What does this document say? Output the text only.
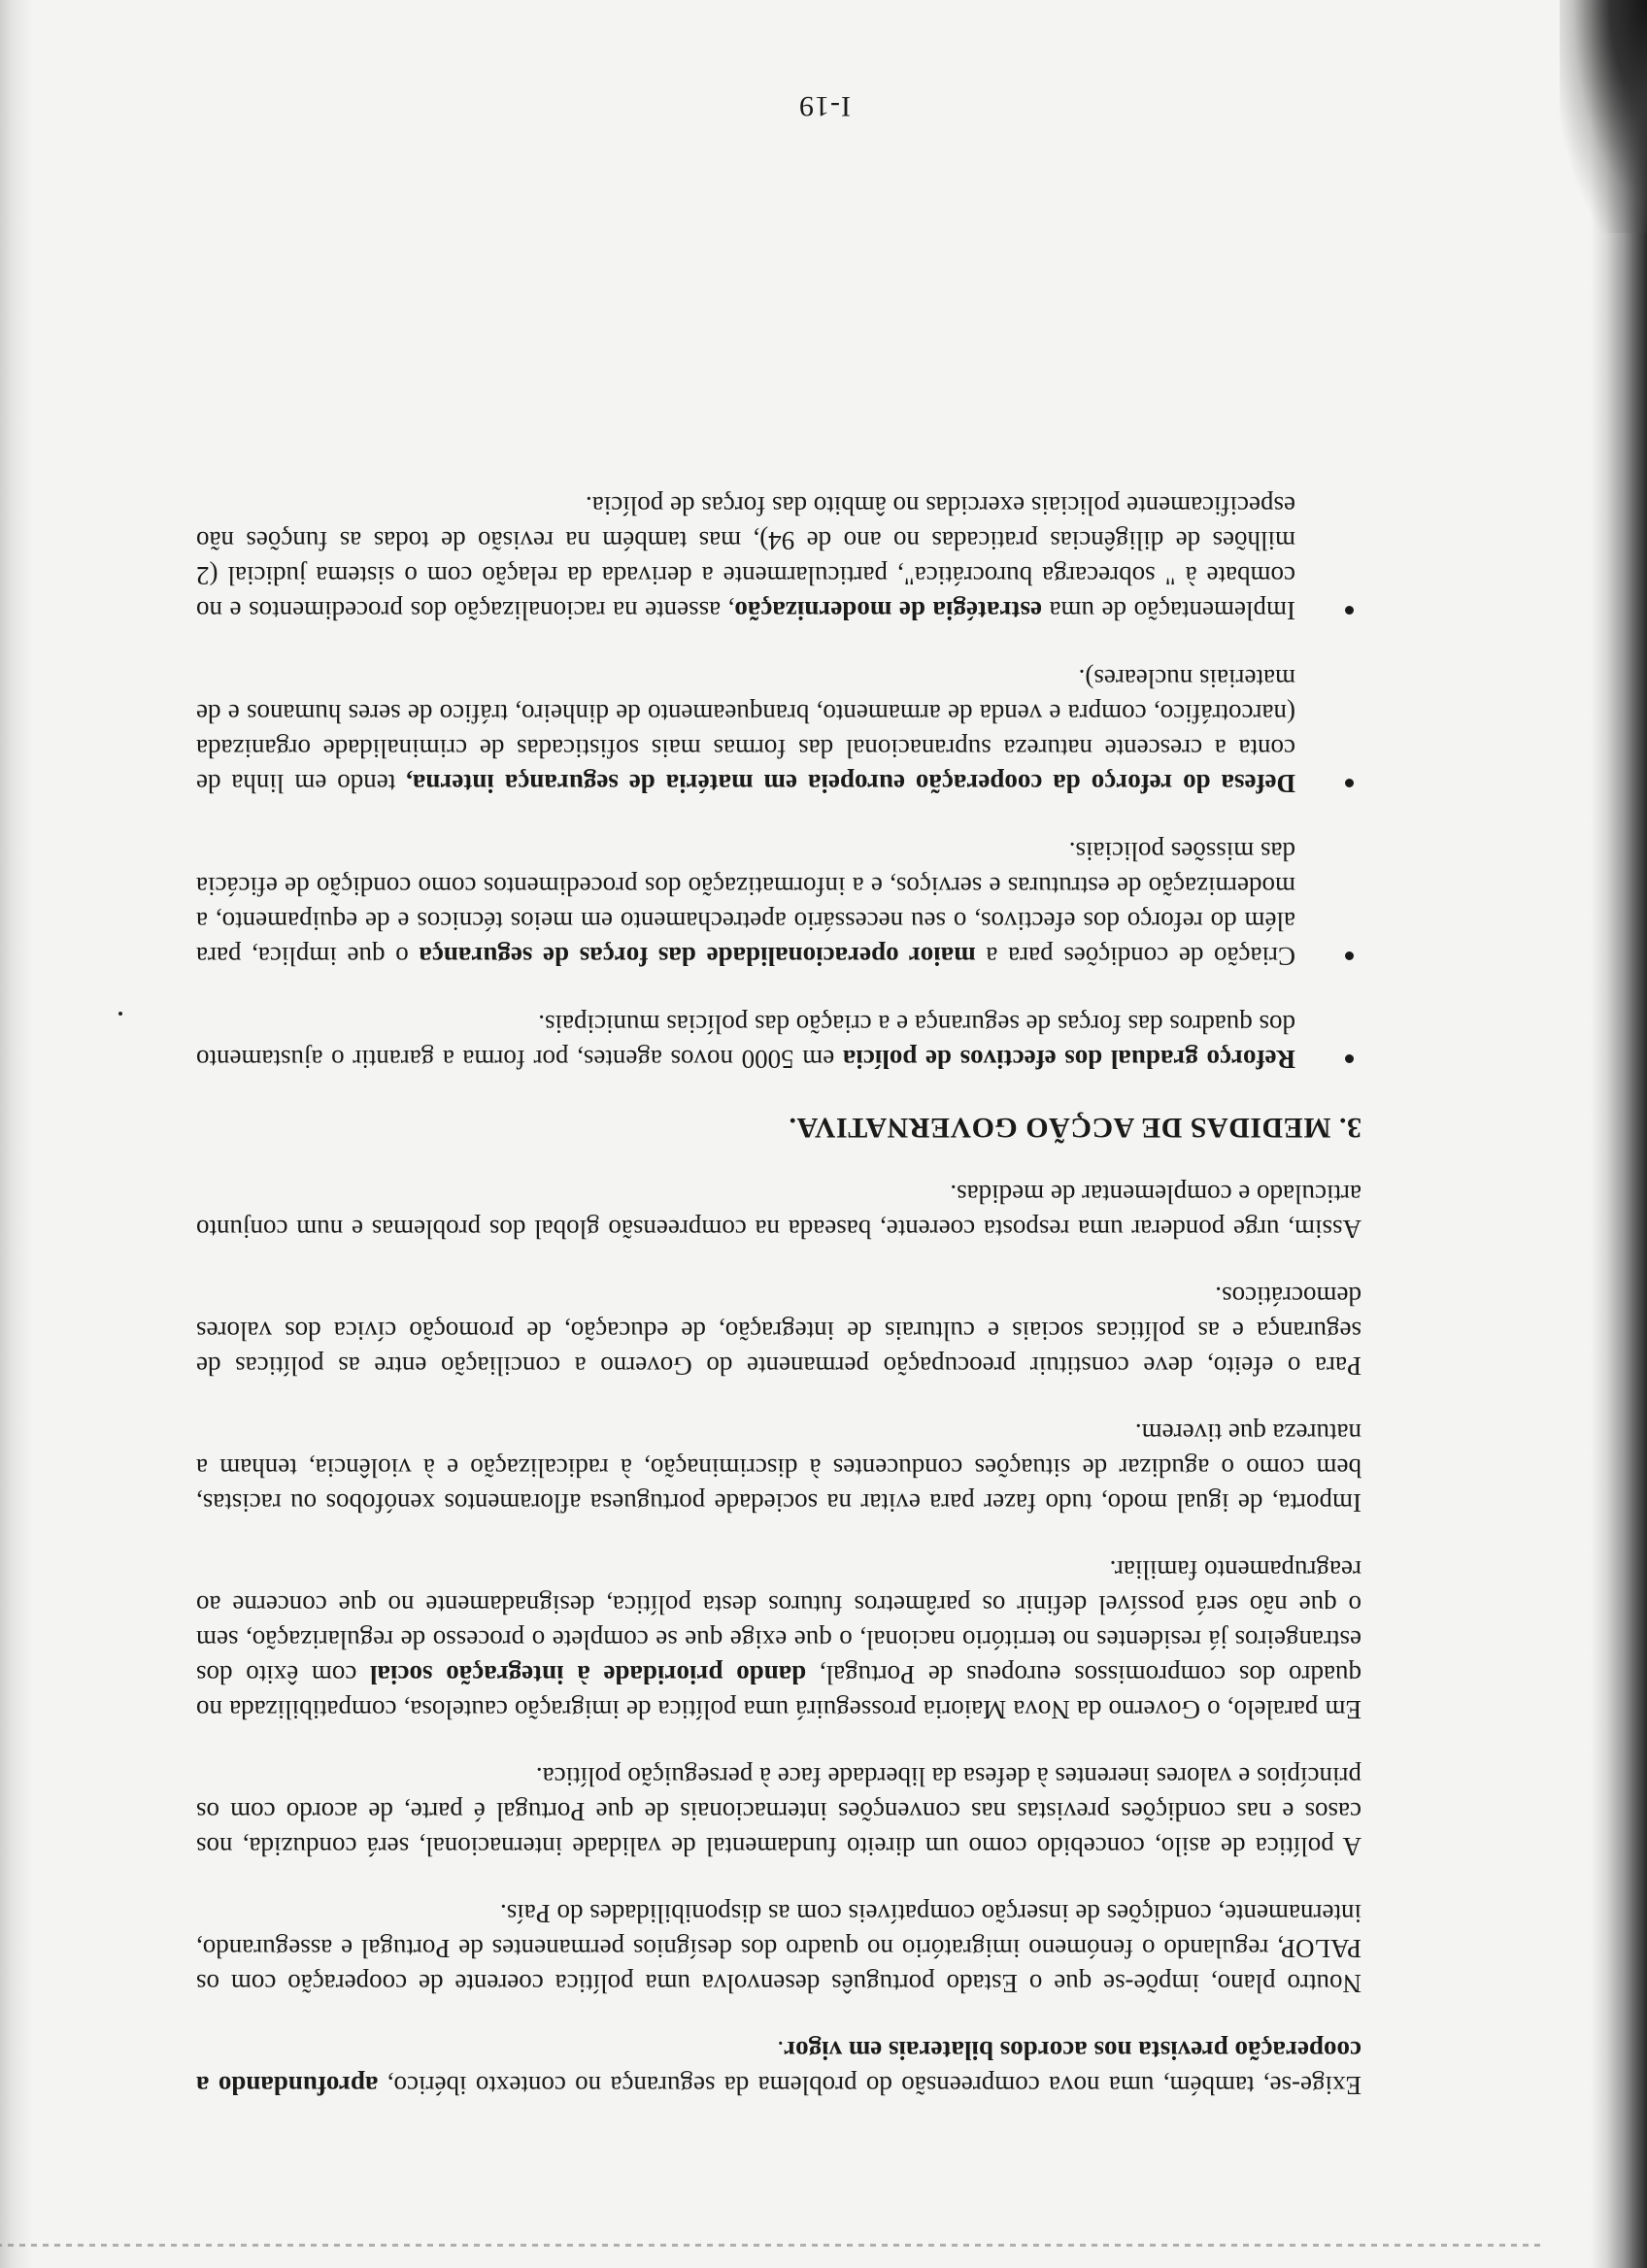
Exige-se, também, uma nova compreensão do problema da segurança no contexto ibérico, aprofundando a cooperação prevista nos acordos bilaterais em vigor.

Noutro plano, impõe-se que o Estado português desenvolva uma política coerente de cooperação com os PALOP, regulando o fenómeno imigratório no quadro dos desígnios permanentes de Portugal e assegurando, internamente, condições de inserção compatíveis com as disponibilidades do País.

A política de asilo, concebido como um direito fundamental de validade internacional, será conduzida, nos casos e nas condições previstas nas convenções internacionais de que Portugal é parte, de acordo com os princípios e valores inerentes à defesa da liberdade face à perseguição política.

Em paralelo, o Governo da Nova Maioria prosseguirá uma política de imigração cautelosa, compatibilizada no quadro dos compromissos europeus de Portugal, dando prioridade à integração social com êxito dos estrangeiros já residentes no território nacional, o que exige que se complete o processo de regularização, sem o que não será possível definir os parâmetros futuros desta política, designadamente no que concerne ao reagrupamento familiar.

Importa, de igual modo, tudo fazer para evitar na sociedade portuguesa afloramentos xenófobos ou racistas, bem como o agudizar de situações conducentes à discriminação, à radicalização e à violência, tenham a natureza que tiverem.

Para o efeito, deve constituir preocupação permanente do Governo a conciliação entre as políticas de segurança e as políticas sociais e culturais de integração, de educação, de promoção cívica dos valores democráticos.

Assim, urge ponderar uma resposta coerente, baseada na compreensão global dos problemas e num conjunto articulado e complementar de medidas.

3. MEDIDAS DE ACÇÃO GOVERNATIVA.
Reforço gradual dos efectivos de polícia em 5000 novos agentes, por forma a garantir o ajustamento dos quadros das forças de segurança e a criação das polícias municipais.
Criação de condições para a maior operacionalidade das forças de segurança o que implica, para além do reforço dos efectivos, o seu necessário apetrechamento em meios técnicos e de equipamento, a modernização de estruturas e serviços, e a informatização dos procedimentos como condição de eficácia das missões policiais.
Defesa do reforço da cooperação europeia em matéria de segurança interna, tendo em linha de conta a crescente natureza supranacional das formas mais sofisticadas de criminalidade organizada (narcotráfico, compra e venda de armamento, branqueamento de dinheiro, tráfico de seres humanos e de materiais nucleares).
Implementação de uma estratégia de modernização, assente na racionalização dos procedimentos e no combate à " sobrecarga burocrática", particularmente a derivada da relação com o sistema judicial (2 milhões de diligências praticadas no ano de 94), mas também na revisão de todas as funções não especificamente policiais exercidas no âmbito das forças de polícia.
I-19
